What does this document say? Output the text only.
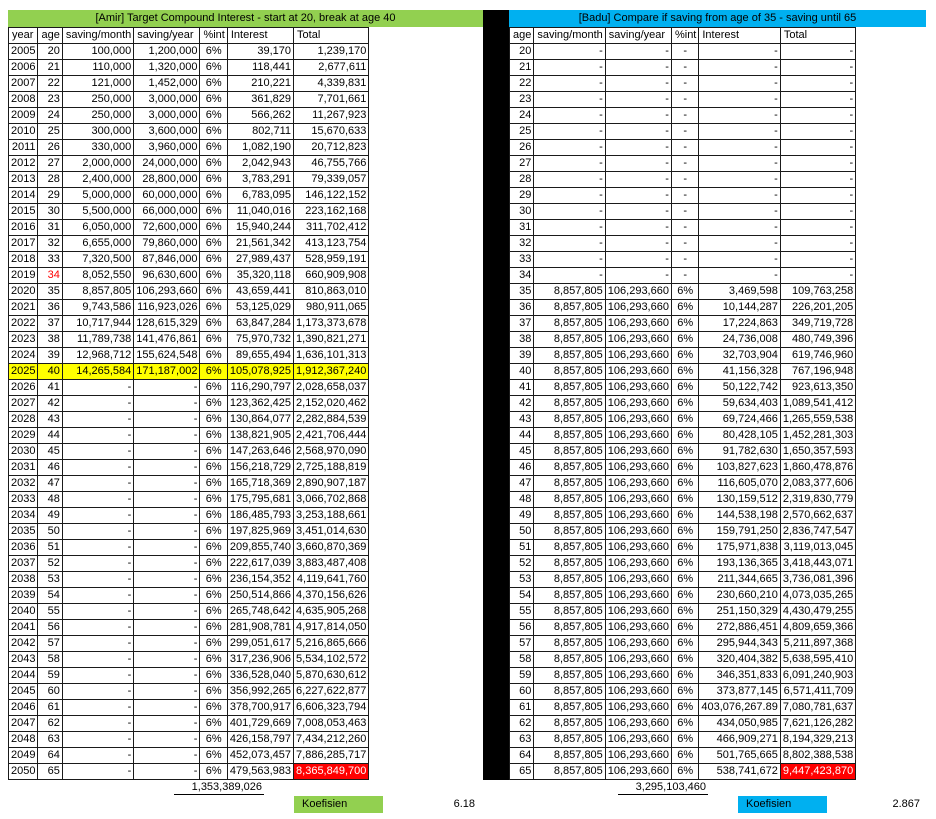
[Amir] Target Compound Interest - start at 20, break at age 40
year	age	saving/month	saving/year	%int	Interest	Total
2005	20	100,000	1,200,000	6%	39,170	1,239,170
2006	21	110,000	1,320,000	6%	118,441	2,677,611
2007	22	121,000	1,452,000	6%	210,221	4,339,831
2008	23	250,000	3,000,000	6%	361,829	7,701,661
2009	24	250,000	3,000,000	6%	566,262	11,267,923
2010	25	300,000	3,600,000	6%	802,711	15,670,633
2011	26	330,000	3,960,000	6%	1,082,190	20,712,823
2012	27	2,000,000	24,000,000	6%	2,042,943	46,755,766
2013	28	2,400,000	28,800,000	6%	3,783,291	79,339,057
2014	29	5,000,000	60,000,000	6%	6,783,095	146,122,152
2015	30	5,500,000	66,000,000	6%	11,040,016	223,162,168
2016	31	6,050,000	72,600,000	6%	15,940,244	311,702,412
2017	32	6,655,000	79,860,000	6%	21,561,342	413,123,754
2018	33	7,320,500	87,846,000	6%	27,989,437	528,959,191
2019	34	8,052,550	96,630,600	6%	35,320,118	660,909,908
2020	35	8,857,805	106,293,660	6%	43,659,441	810,863,010
2021	36	9,743,586	116,923,026	6%	53,125,029	980,911,065
2022	37	10,717,944	128,615,329	6%	63,847,284	1,173,373,678
2023	38	11,789,738	141,476,861	6%	75,970,732	1,390,821,271
2024	39	12,968,712	155,624,548	6%	89,655,494	1,636,101,313
2025	40	14,265,584	171,187,002	6%	105,078,925	1,912,367,240
2026	41	-	-	6%	116,290,797	2,028,658,037
2027	42	-	-	6%	123,362,425	2,152,020,462
2028	43	-	-	6%	130,864,077	2,282,884,539
2029	44	-	-	6%	138,821,905	2,421,706,444
2030	45	-	-	6%	147,263,646	2,568,970,090
2031	46	-	-	6%	156,218,729	2,725,188,819
2032	47	-	-	6%	165,718,369	2,890,907,187
2033	48	-	-	6%	175,795,681	3,066,702,868
2034	49	-	-	6%	186,485,793	3,253,188,661
2035	50	-	-	6%	197,825,969	3,451,014,630
2036	51	-	-	6%	209,855,740	3,660,870,369
2037	52	-	-	6%	222,617,039	3,883,487,408
2038	53	-	-	6%	236,154,352	4,119,641,760
2039	54	-	-	6%	250,514,866	4,370,156,626
2040	55	-	-	6%	265,748,642	4,635,905,268
2041	56	-	-	6%	281,908,781	4,917,814,050
2042	57	-	-	6%	299,051,617	5,216,865,666
2043	58	-	-	6%	317,236,906	5,534,102,572
2044	59	-	-	6%	336,528,040	5,870,630,612
2045	60	-	-	6%	356,992,265	6,227,622,877
2046	61	-	-	6%	378,700,917	6,606,323,794
2047	62	-	-	6%	401,729,669	7,008,053,463
2048	63	-	-	6%	426,158,797	7,434,212,260
2049	64	-	-	6%	452,073,457	7,886,285,717
2050	65	-	-	6%	479,563,983	8,365,849,700
[Badu] Compare if saving from age of 35 - saving until 65
age	saving/month	saving/year	%int	Interest	Total
20	-	-	-	-	-
21	-	-	-	-	-
22	-	-	-	-	-
23	-	-	-	-	-
24	-	-	-	-	-
25	-	-	-	-	-
26	-	-	-	-	-
27	-	-	-	-	-
28	-	-	-	-	-
29	-	-	-	-	-
30	-	-	-	-	-
31	-	-	-	-	-
32	-	-	-	-	-
33	-	-	-	-	-
34	-	-	-	-	-
35	8,857,805	106,293,660	6%	3,469,598	109,763,258
36	8,857,805	106,293,660	6%	10,144,287	226,201,205
37	8,857,805	106,293,660	6%	17,224,863	349,719,728
38	8,857,805	106,293,660	6%	24,736,008	480,749,396
39	8,857,805	106,293,660	6%	32,703,904	619,746,960
40	8,857,805	106,293,660	6%	41,156,328	767,196,948
41	8,857,805	106,293,660	6%	50,122,742	923,613,350
42	8,857,805	106,293,660	6%	59,634,403	1,089,541,412
43	8,857,805	106,293,660	6%	69,724,466	1,265,559,538
44	8,857,805	106,293,660	6%	80,428,105	1,452,281,303
45	8,857,805	106,293,660	6%	91,782,630	1,650,357,593
46	8,857,805	106,293,660	6%	103,827,623	1,860,478,876
47	8,857,805	106,293,660	6%	116,605,070	2,083,377,606
48	8,857,805	106,293,660	6%	130,159,512	2,319,830,779
49	8,857,805	106,293,660	6%	144,538,198	2,570,662,637
50	8,857,805	106,293,660	6%	159,791,250	2,836,747,547
51	8,857,805	106,293,660	6%	175,971,838	3,119,013,045
52	8,857,805	106,293,660	6%	193,136,365	3,418,443,071
53	8,857,805	106,293,660	6%	211,344,665	3,736,081,396
54	8,857,805	106,293,660	6%	230,660,210	4,073,035,265
55	8,857,805	106,293,660	6%	251,150,329	4,430,479,255
56	8,857,805	106,293,660	6%	272,886,451	4,809,659,366
57	8,857,805	106,293,660	6%	295,944,343	5,211,897,368
58	8,857,805	106,293,660	6%	320,404,382	5,638,595,410
59	8,857,805	106,293,660	6%	346,351,833	6,091,240,903
60	8,857,805	106,293,660	6%	373,877,145	6,571,411,709
61	8,857,805	106,293,660	6%	403,076,267.89	7,080,781,637
62	8,857,805	106,293,660	6%	434,050,985	7,621,126,282
63	8,857,805	106,293,660	6%	466,909,271	8,194,329,213
64	8,857,805	106,293,660	6%	501,765,665	8,802,388,538
65	8,857,805	106,293,660	6%	538,741,672	9,447,423,870
1,353,389,026
Koefisien	6.18
3,295,103,460
Koefisien	2.867
